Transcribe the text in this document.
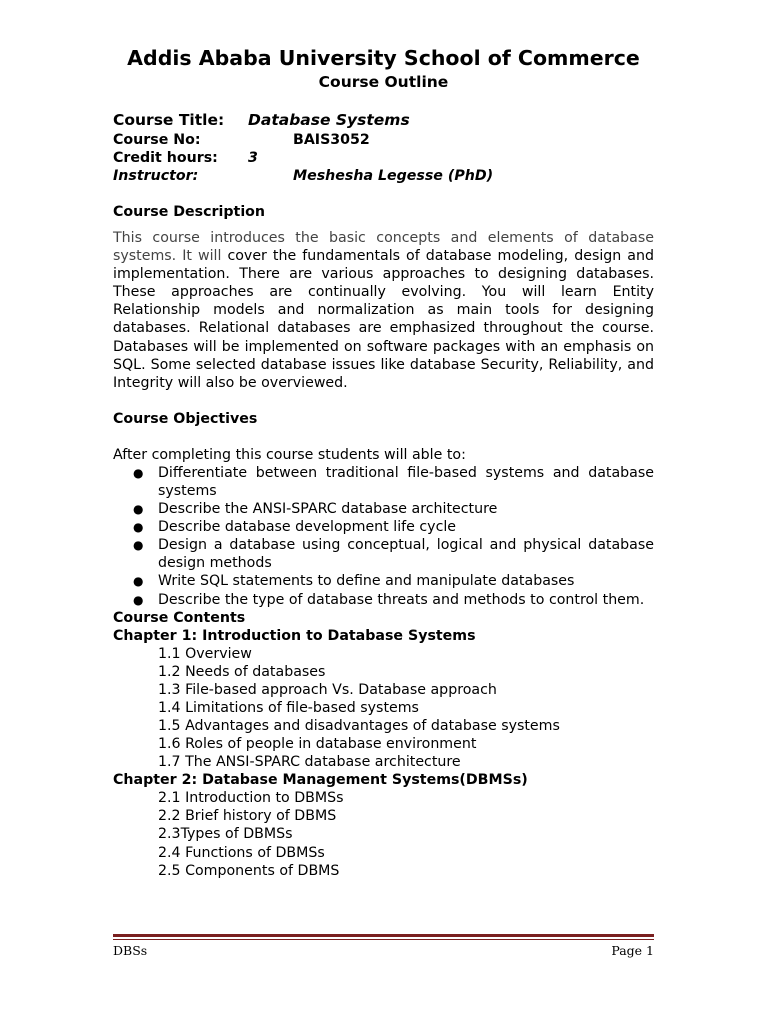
Addis Ababa University School of Commerce
Course Outline
Course Title: Database Systems
Course No:	BAIS3052
Credit hours: 3
Instructor:	Meshesha Legesse (PhD)
Course Description
This course introduces the basic concepts and elements of database systems. It will cover the fundamentals of database modeling, design and implementation. There are various approaches to designing databases. These approaches are continually evolving. You will learn Entity Relationship models and normalization as main tools for designing databases. Relational databases are emphasized throughout the course. Databases will be implemented on software packages with an emphasis on SQL. Some selected database issues like database Security, Reliability, and Integrity will also be overviewed.
Course Objectives
After completing this course students will able to:
● Differentiate between traditional file-based systems and database systems
● Describe the ANSI-SPARC database architecture
● Describe database development life cycle
● Design a database using conceptual, logical and physical database design methods
● Write SQL statements to define and manipulate databases
● Describe the type of database threats and methods to control them.
Course Contents
Chapter 1: Introduction to Database Systems
1.1 Overview
1.2 Needs of databases
1.3 File-based approach Vs. Database approach
1.4 Limitations of file-based systems
1.5 Advantages and disadvantages of database systems
1.6 Roles of people in database environment
1.7 The ANSI-SPARC database architecture
Chapter 2: Database Management Systems(DBMSs)
2.1 Introduction to DBMSs
2.2 Brief history of DBMS
2.3Types of DBMSs
2.4 Functions of DBMSs
2.5 Components of DBMS
DBSs	Page 1
